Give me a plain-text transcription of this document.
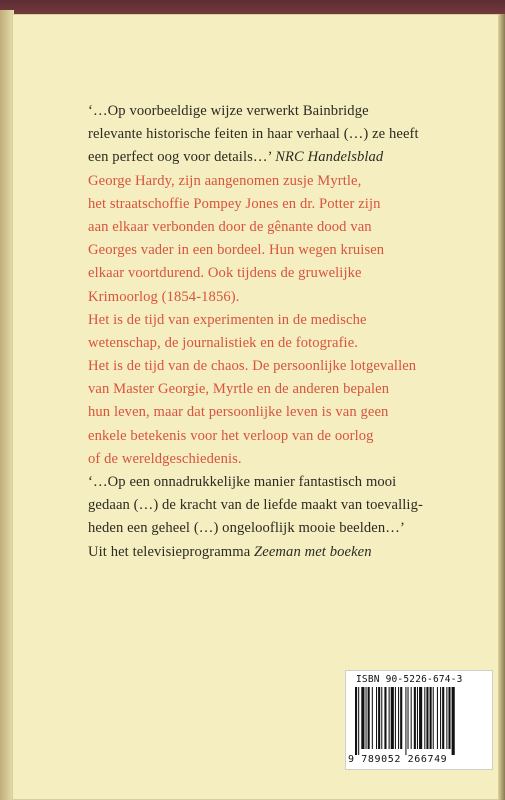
‘…Op voorbeeldige wijze verwerkt Bainbridge
relevante historische feiten in haar verhaal (…) ze heeft
een perfect oog voor details…’ NRC Handelsblad
George Hardy, zijn aangenomen zusje Myrtle,
het straatschoffie Pompey Jones en dr. Potter zijn
aan elkaar verbonden door de gênante dood van
Georges vader in een bordeel. Hun wegen kruisen
elkaar voortdurend. Ook tijdens de gruwelijke
Krimoorlog (1854-1856).
Het is de tijd van experimenten in de medische
wetenschap, de journalistiek en de fotografie.
Het is de tijd van de chaos. De persoonlijke lotgevallen
van Master Georgie, Myrtle en de anderen bepalen
hun leven, maar dat persoonlijke leven is van geen
enkele betekenis voor het verloop van de oorlog
of de wereldgeschiedenis.
‘…Op een onnadrukkelijke manier fantastisch mooi
gedaan (…) de kracht van de liefde maakt van toevallig-
heden een geheel (…) ongelooflijk mooie beelden…’
Uit het televisieprogramma Zeeman met boeken
ISBN 90-5226-674-3
9 789052 266749
